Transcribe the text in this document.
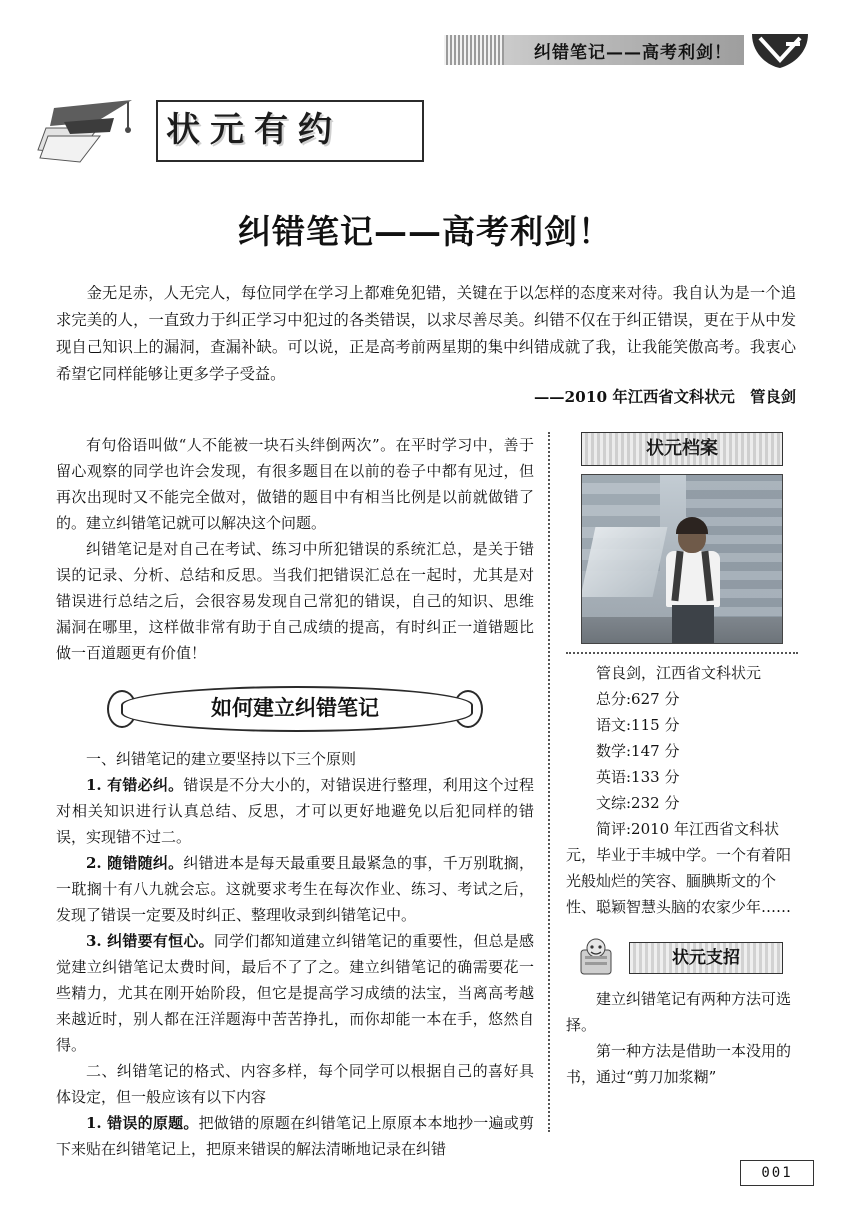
纠错笔记——高考利剑！
状 元 有 约
纠错笔记——高考利剑！
金无足赤，人无完人，每位同学在学习上都难免犯错，关键在于以怎样的态度来对待。我自认为是一个追求完美的人，一直致力于纠正学习中犯过的各类错误，以求尽善尽美。纠错不仅在于纠正错误，更在于从中发现自己知识上的漏洞，查漏补缺。可以说，正是高考前两星期的集中纠错成就了我，让我能笑傲高考。我衷心希望它同样能够让更多学子受益。
——2010 年江西省文科状元　管良剑

有句俗语叫做“人不能被一块石头绊倒两次”。在平时学习中，善于留心观察的同学也许会发现，有很多题目在以前的卷子中都有见过，但再次出现时又不能完全做对，做错的题目中有相当比例是以前就做错了的。建立纠错笔记就可以解决这个问题。

纠错笔记是对自己在考试、练习中所犯错误的系统汇总，是关于错误的记录、分析、总结和反思。当我们把错误汇总在一起时，尤其是对错误进行总结之后，会很容易发现自己常犯的错误，自己的知识、思维漏洞在哪里，这样做非常有助于自己成绩的提高，有时纠正一道错题比做一百道题更有价值！

如何建立纠错笔记

一、纠错笔记的建立要坚持以下三个原则

1. 有错必纠。错误是不分大小的，对错误进行整理，利用这个过程对相关知识进行认真总结、反思，才可以更好地避免以后犯同样的错误，实现错不过二。

2. 随错随纠。纠错进本是每天最重要且最紧急的事，千万别耽搁，一耽搁十有八九就会忘。这就要求考生在每次作业、练习、考试之后，发现了错误一定要及时纠正、整理收录到纠错笔记中。

3. 纠错要有恒心。同学们都知道建立纠错笔记的重要性，但总是感觉建立纠错笔记太费时间，最后不了了之。建立纠错笔记的确需要花一些精力，尤其在刚开始阶段，但它是提高学习成绩的法宝，当离高考越来越近时，别人都在汪洋题海中苦苦挣扎，而你却能一本在手，悠然自得。

二、纠错笔记的格式、内容多样，每个同学可以根据自己的喜好具体设定，但一般应该有以下内容

1. 错误的原题。把做错的原题在纠错笔记上原原本本地抄一遍或剪下来贴在纠错笔记上，把原来错误的解法清晰地记录在纠错

状元档案

管良剑，江西省文科状元

总分:627 分

语文:115 分

数学:147 分

英语:133 分

文综:232 分

简评:2010 年江西省文科状元，毕业于丰城中学。一个有着阳光般灿烂的笑容、腼腆斯文的个性、聪颖智慧头脑的农家少年……

状元支招

建立纠错笔记有两种方法可选择。

第一种方法是借助一本没用的书，通过“剪刀加浆糊”

001
